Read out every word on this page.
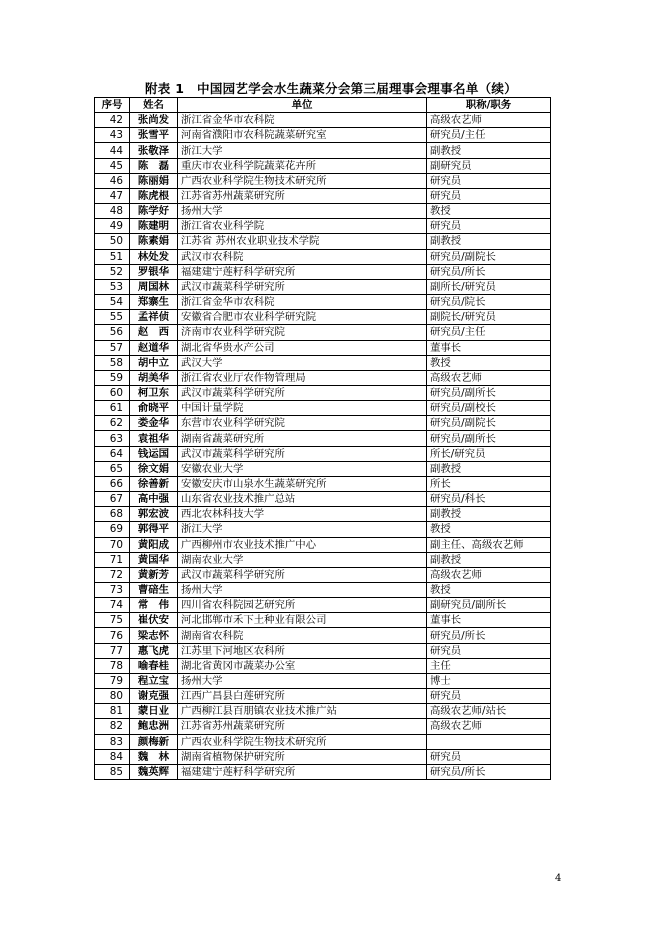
附表 1　中国园艺学会水生蔬菜分会第三届理事会理事名单（续）
序号	姓名	单位	职称/职务
42	张尚发	浙江省金华市农科院	高级农艺师
43	张雪平	河南省濮阳市农科院蔬菜研究室	研究员/主任
44	张敬泽	浙江大学	副教授
45	陈　磊	重庆市农业科学院蔬菜花卉所	副研究员
46	陈丽娟	广西农业科学院生物技术研究所	研究员
47	陈虎根	江苏省苏州蔬菜研究所	研究员
48	陈学好	扬州大学	教授
49	陈建明	浙江省农业科学院	研究员
50	陈素娟	江苏省 苏州农业职业技术学院	副教授
51	林处发	武汉市农科院	研究员/副院长
52	罗银华	福建建宁莲籽科学研究所	研究员/所长
53	周国林	武汉市蔬菜科学研究所	副所长/研究员
54	郑寨生	浙江省金华市农科院	研究员/院长
55	孟祥侦	安徽省合肥市农业科学研究院	副院长/研究员
56	赵　西	济南市农业科学研究院	研究员/主任
57	赵道华	湖北省华贵水产公司	董事长
58	胡中立	武汉大学	教授
59	胡美华	浙江省农业厅农作物管理局	高级农艺师
60	柯卫东	武汉市蔬菜科学研究所	研究员/副所长
61	俞晓平	中国计量学院	研究员/副校长
62	娄金华	东营市农业科学研究院	研究员/副院长
63	袁祖华	湖南省蔬菜研究所	研究员/副所长
64	钱运国	武汉市蔬菜科学研究所	所长/研究员
65	徐文娟	安徽农业大学	副教授
66	徐善新	安徽安庆市山泉水生蔬菜研究所	所长
67	高中强	山东省农业技术推广总站	研究员/科长
68	郭宏波	西北农林科技大学	副教授
69	郭得平	浙江大学	教授
70	黄阳成	广西柳州市农业技术推广中心	副主任、高级农艺师
71	黄国华	湖南农业大学	副教授
72	黄新芳	武汉市蔬菜科学研究所	高级农艺师
73	曹碚生	扬州大学	教授
74	常　伟	四川省农科院园艺研究所	副研究员/副所长
75	崔伏安	河北邯郸市禾下土种业有限公司	董事长
76	梁志怀	湖南省农科院	研究员/所长
77	惠飞虎	江苏里下河地区农科所	研究员
78	喻春桂	湖北省黄冈市蔬菜办公室	主任
79	程立宝	扬州大学	博士
80	谢克强	江西广昌县白莲研究所	研究员
81	蒙日业	广西柳江县百朋镇农业技术推广站	高级农艺师/站长
82	鲍忠洲	江苏省苏州蔬菜研究所	高级农艺师
83	颜梅新	广西农业科学院生物技术研究所	
84	魏　林	湖南省植物保护研究所	研究员
85	魏英辉	福建建宁莲籽科学研究所	研究员/所长
4
